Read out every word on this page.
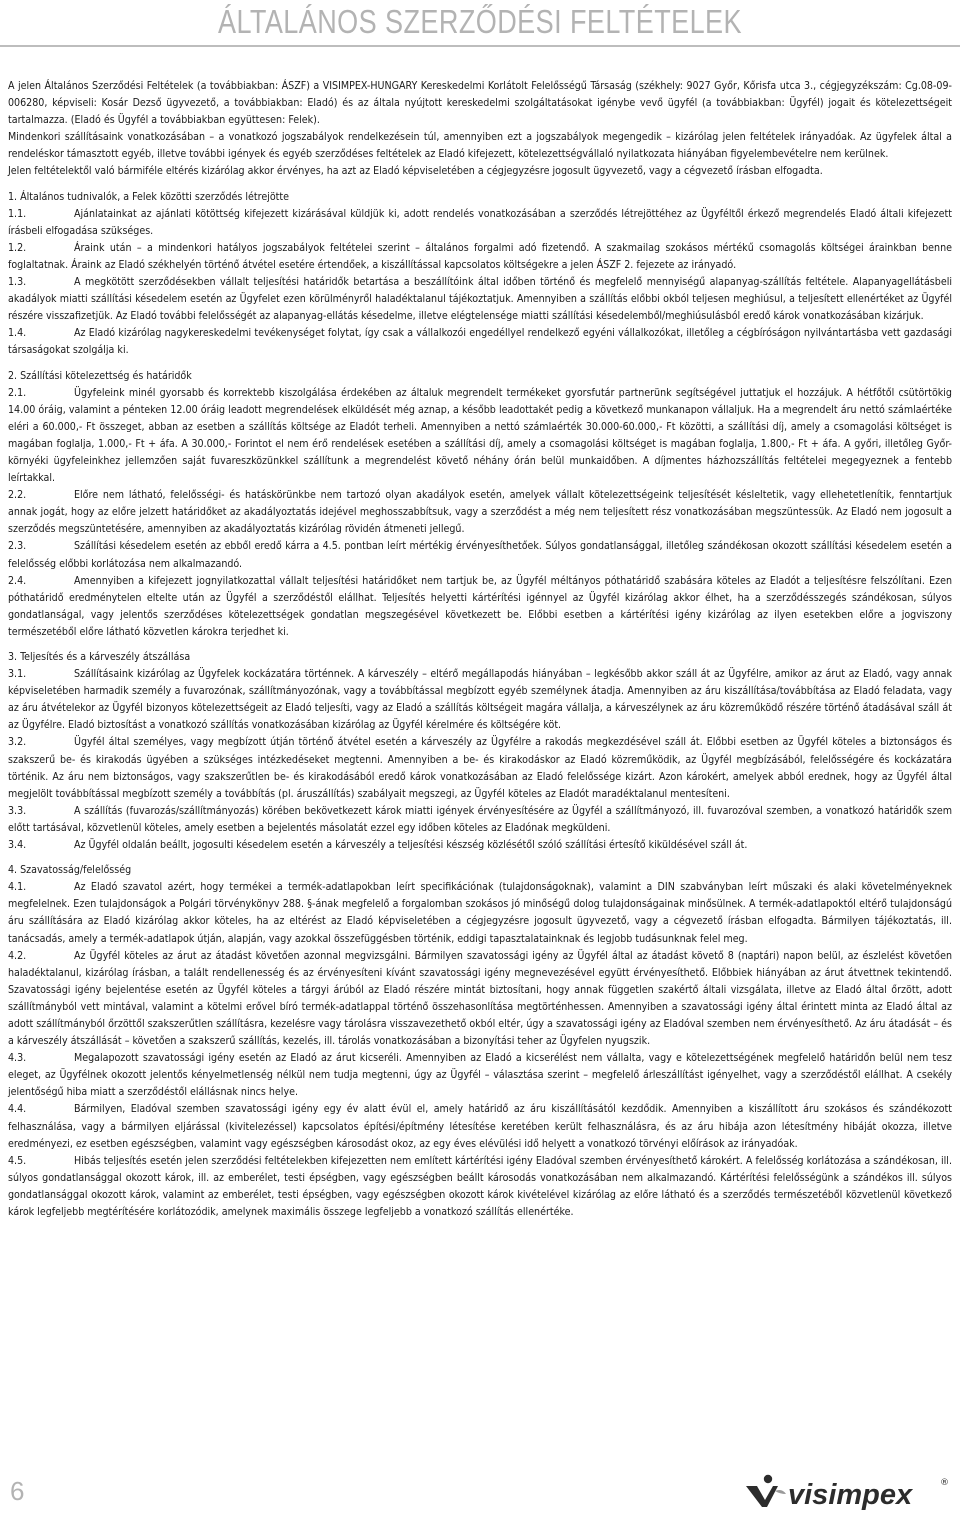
ÁLTALÁNOS SZERZŐDÉSI FELTÉTELEK

A jelen Általános Szerződési Feltételek (a továbbiakban: ÁSZF) a VISIMPEX-HUNGARY Kereskedelmi Korlátolt Felelősségű Társaság (székhely: 9027 Győr, Kőrisfa utca 3., cégjegyzékszám: Cg.08-09-006280, képviseli: Kosár Dezső ügyvezető, a továbbiakban: Eladó) és az általa nyújtott kereskedelmi szolgáltatásokat igénybe vevő ügyfél (a továbbiakban: Ügyfél) jogait és kötelezettségeit tartalmazza. (Eladó és Ügyfél a továbbiakban együttesen: Felek).

Mindenkori szállításaink vonatkozásában – a vonatkozó jogszabályok rendelkezésein túl, amennyiben ezt a jogszabályok megengedik – kizárólag jelen feltételek irányadóak. Az ügyfelek által a rendeléskor támasztott egyéb, illetve további igények és egyéb szerződéses feltételek az Eladó kifejezett, kötelezettségvállaló nyilatkozata hiányában figyelembevételre nem kerülnek.

Jelen feltételektől való bármiféle eltérés kizárólag akkor érvényes, ha azt az Eladó képviseletében a cégjegyzésre jogosult ügyvezető, vagy a cégvezető írásban elfogadta.

1. Általános tudnivalók, a Felek közötti szerződés létrejötte

1.1.	Ajánlatainkat az ajánlati kötöttség kifejezett kizárásával küldjük ki, adott rendelés vonatkozásában a szerződés létrejöttéhez az Ügyféltől érkező megrendelés Eladó általi kifejezett írásbeli elfogadása szükséges.

1.2.	Áraink után – a mindenkori hatályos jogszabályok feltételei szerint – általános forgalmi adó fizetendő. A szakmailag szokásos mértékű csomagolás költségei árainkban benne foglaltatnak. Áraink az Eladó székhelyén történő átvétel esetére értendőek, a kiszállítással kapcsolatos költségekre a jelen ÁSZF 2. fejezete az irányadó.

1.3.	A megkötött szerződésekben vállalt teljesítési határidők betartása a beszállítóink által időben történő és megfelelő mennyiségű alapanyag-szállítás feltétele. Alapanyagellátásbeli akadályok miatti szállítási késedelem esetén az Ügyfelet ezen körülményről haladéktalanul tájékoztatjuk. Amennyiben a szállítás előbbi okból teljesen meghiúsul, a teljesített ellenértéket az Ügyfél részére visszafizetjük. Az Eladó további felelősségét az alapanyag-ellátás késedelme, illetve elégtelensége miatti szállítási késedelemből/meghiúsulásból eredő károk vonatkozásában kizárjuk.

1.4.	Az Eladó kizárólag nagykereskedelmi tevékenységet folytat, így csak a vállalkozói engedéllyel rendelkező egyéni vállalkozókat, illetőleg a cégbíróságon nyilvántartásba vett gazdasági társaságokat szolgálja ki.

2. Szállítási kötelezettség és határidők

2.1.	Ügyfeleink minél gyorsabb és korrektebb kiszolgálása érdekében az általuk megrendelt termékeket gyorsfutár partnerünk segítségével juttatjuk el hozzájuk. A hétfőtől csütörtökig 14.00 óráig, valamint a pénteken 12.00 óráig leadott megrendelések elküldését még aznap, a később leadottakét pedig a következő munkanapon vállaljuk. Ha a megrendelt áru nettó számlaértéke eléri a 60.000,- Ft összeget, abban az esetben a szállítás költsége az Eladót terheli. Amennyiben a nettó számlaérték 30.000-60.000,- Ft közötti, a szállítási díj, amely a csomagolási költséget is magában foglalja, 1.000,- Ft + áfa. A 30.000,- Forintot el nem érő rendelések esetében a szállítási díj, amely a csomagolási költséget is magában foglalja, 1.800,- Ft + áfa. A győri, illetőleg Győr-környéki ügyfeleinkhez jellemzően saját fuvareszközünkkel szállítunk a megrendelést követő néhány órán belül munkaidőben. A díjmentes házhozszállítás feltételei megegyeznek a fentebb leírtakkal.

2.2.	Előre nem látható, felelősségi- és hatáskörünkbe nem tartozó olyan akadályok esetén, amelyek vállalt kötelezettségeink teljesítését késleltetik, vagy ellehetetlenítik, fenntartjuk annak jogát, hogy az előre jelzett határidőket az akadályoztatás idejével meghosszabbítsuk, vagy a szerződést a még nem teljesített rész vonatkozásában megszüntessük. Az Eladó nem jogosult a szerződés megszüntetésére, amennyiben az akadályoztatás kizárólag rövidén átmeneti jellegű.

2.3.	Szállítási késedelem esetén az ebből eredő kárra a 4.5. pontban leírt mértékig érvényesíthetőek. Súlyos gondatlansággal, illetőleg szándékosan okozott szállítási késedelem esetén a felelősség előbbi korlátozása nem alkalmazandó.

2.4.	Amennyiben a kifejezett jognyilatkozattal vállalt teljesítési határidőket nem tartjuk be, az Ügyfél méltányos póthatáridő szabására köteles az Eladót a teljesítésre felszólítani. Ezen póthatáridő eredménytelen eltelte után az Ügyfél a szerződéstől elállhat. Teljesítés helyetti kártérítési igénnyel az Ügyfél kizárólag akkor élhet, ha a szerződésszegés szándékosan, súlyos gondatlanságal, vagy jelentős szerződéses kötelezettségek gondatlan megszegésével következett be. Előbbi esetben a kártérítési igény kizárólag az ilyen esetekben előre a jogviszony természetéből előre látható közvetlen károkra terjedhet ki.

3. Teljesítés és a kárveszély átszállása

3.1.	Szállításaink kizárólag az Ügyfelek kockázatára történnek. A kárveszély – eltérő megállapodás hiányában – legkésőbb akkor száll át az Ügyfélre, amikor az árut az Eladó, vagy annak képviseletében harmadik személy a fuvarozónak, szállítmányozónak, vagy a továbbítással megbízott egyéb személynek átadja. Amennyiben az áru kiszállítása/továbbítása az Eladó feladata, vagy az áru átvételekor az Ügyfél bizonyos kötelezettségeit az Eladó teljesíti, vagy az Eladó a szállítás költségeit magára vállalja, a kárveszélynek az áru közreműködő részére történő átadásával száll át az Ügyfélre. Eladó biztosítást a vonatkozó szállítás vonatkozásában kizárólag az Ügyfél kérelmére és költségére köt.

3.2.	Ügyfél által személyes, vagy megbízott útján történő átvétel esetén a kárveszély az Ügyfélre a rakodás megkezdésével száll át. Előbbi esetben az Ügyfél köteles a biztonságos és szakszerű be- és kirakodás ügyében a szükséges intézkedéseket megtenni. Amennyiben a be- és kirakodáskor az Eladó közreműködik, az Ügyfél megbízásából, felelősségére és kockázatára történik. Az áru nem biztonságos, vagy szakszerűtlen be- és kirakodásából eredő károk vonatkozásában az Eladó felelőssége kizárt. Azon károkért, amelyek abból erednek, hogy az Ügyfél által megjelölt továbbítással megbízott személy a továbbítás (pl. áruszállítás) szabályait megszegi, az Ügyfél köteles az Eladót maradéktalanul mentesíteni.

3.3.	A szállítás (fuvarozás/szállítmányozás) körében bekövetkezett károk miatti igények érvényesítésére az Ügyfél a szállítmányozó, ill. fuvarozóval szemben, a vonatkozó határidők szem előtt tartásával, közvetlenül köteles, amely esetben a bejelentés másolatát ezzel egy időben köteles az Eladónak megküldeni.

3.4.	Az Ügyfél oldalán beállt, jogosulti késedelem esetén a kárveszély a teljesítési készség közlésétől szóló szállítási értesítő kiküldésével száll át.

4. Szavatosság/felelősség

4.1.	Az Eladó szavatol azért, hogy termékei a termék-adatlapokban leírt specifikációnak (tulajdonságoknak), valamint a DIN szabványban leírt műszaki és alaki követelményeknek megfelelnek. Ezen tulajdonságok a Polgári törvénykönyv 288. §-ának megfelelő a forgalomban szokásos jó minőségű dolog tulajdonságainak minősülnek. A termék-adatlapoktól eltérő tulajdonságú áru szállítására az Eladó kizárólag akkor köteles, ha az eltérést az Eladó képviseletében a cégjegyzésre jogosult ügyvezető, vagy a cégvezető írásban elfogadta. Bármilyen tájékoztatás, ill. tanácsadás, amely a termék-adatlapok útján, alapján, vagy azokkal összefüggésben történik, eddigi tapasztalatainknak és legjobb tudásunknak felel meg.

4.2.	Az Ügyfél köteles az árut az átadást követően azonnal megvizsgálni. Bármilyen szavatossági igény az Ügyfél által az átadást követő 8 (naptári) napon belül, az észlelést követően haladéktalanul, kizárólag írásban, a talált rendellenesség és az érvényesíteni kívánt szavatossági igény megnevezésével együtt érvényesíthető. Előbbiek hiányában az árut átvettnek tekintendő. Szavatossági igény bejelentése esetén az Ügyfél köteles a tárgyi árúból az Eladó részére mintát biztosítani, hogy annak független szakértő általi vizsgálata, illetve az Eladó által őrzött, adott szállítmányból vett mintával, valamint a kötelmi erővel bíró termék-adatlappal történő összehasonlítása megtörténhessen. Amennyiben a szavatossági igény által érintett minta az Eladó által az adott szállítmányból őrzöttől szakszerűtlen szállításra, kezelésre vagy tárolásra visszavezethető okból eltér, úgy a szavatossági igény az Eladóval szemben nem érvényesíthető. Az áru átadását – és a kárveszély átszállását – követően a szakszerű szállítás, kezelés, ill. tárolás vonatkozásában a bizonyítási teher az Ügyfelen nyugszik.

4.3.	Megalapozott szavatossági igény esetén az Eladó az árut kicseréli. Amennyiben az Eladó a kicserélést nem vállalta, vagy e kötelezettségének megfelelő határidőn belül nem tesz eleget, az Ügyfélnek okozott jelentős kényelmetlenség nélkül nem tudja megtenni, úgy az Ügyfél – választása szerint – megfelelő árleszállítást igényelhet, vagy a szerződéstől elállhat. A csekély jelentőségű hiba miatt a szerződéstől elállásnak nincs helye.

4.4.	Bármilyen, Eladóval szemben szavatossági igény egy év alatt évül el, amely határidő az áru kiszállításától kezdődik. Amennyiben a kiszállított áru szokásos és szándékozott felhasználása, vagy a bármilyen eljárással (kivitelezéssel) kapcsolatos építési/építmény létesítése keretében került felhasználásra, és az áru hibája azon létesítmény hibáját okozza, illetve eredményezi, ez esetben egészségben, valamint vagy egészségben károsodást okoz, az egy éves elévülési idő helyett a vonatkozó törvényi előírások az irányadóak.

4.5.	Hibás teljesítés esetén jelen szerződési feltételekben kifejezetten nem említett kártérítési igény Eladóval szemben érvényesíthető károkért. A felelősség korlátozása a szándékosan, ill. súlyos gondatlansággal okozott károk, ill. az emberélet, testi épségben, vagy egészségben beállt károsodás vonatkozásában nem alkalmazandó. Kártérítési felelősségünk a szándékos ill. súlyos gondatlansággal okozott károk, valamint az emberélet, testi épségben, vagy egészségben okozott károk kivételével kizárólag az előre látható és a szerződés természetéből közvetlenül következő károk legfeljebb megtérítésére korlátozódik, amelynek maximális összege legfeljebb a vonatkozó szállítás ellenértéke.

6	visimpex	®
